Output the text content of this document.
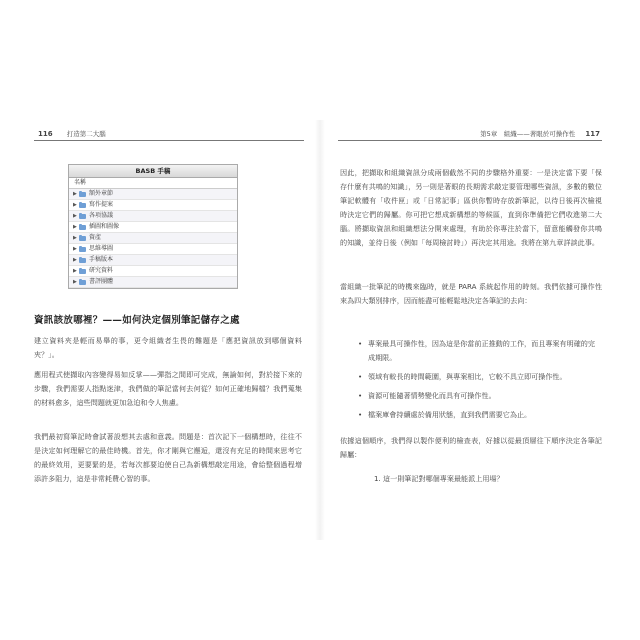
116 打造第二大腦
BASB 手稿
名稱
▶	額外章節
▶	寫作提案
▶	各項協議
▶	插圖和圖像
▶	資產
▶	思維導圖
▶	手稿版本
▶	研究資料
▶	書評團體
資訊該放哪裡？——如何決定個別筆記儲存之處

建立資料夾是輕而易舉的事，更令組織者生畏的難題是「應把資訊放到哪個資料夾？」。

應用程式使擷取內容變得易如反掌——彈指之間即可完成，無論如何，對於接下來的步驟，我們需要人指點迷津，我們做的筆記當何去何從？如何正確地歸檔？我們蒐集的材料愈多，這些問題就更加急迫和令人焦慮。

我們最初寫筆記時會試著設想其去處和意義。問題是：首次記下一個構想時，往往不是決定如何理解它的最佳時機。首先，你才剛與它邂逅，還沒有充足的時間來思考它的最終效用，更要緊的是，若每次都要迫使自己為新構想敲定用途，會給整個過程增添許多阻力，這是非常耗費心智的事。

第5章　組織——著眼於可操作性 117

因此，把擷取和組織資訊分成兩個截然不同的步驟格外重要：一是決定當下要「保存什麼有共鳴的知識」，另一則是著眼的長期需求敲定要管理哪些資訊，多數的數位筆記軟體有「收件匣」或「日常記事」區供你暫時存放新筆記，以待日後再次檢視時決定它們的歸屬。你可把它想成新構想的等候區，直到你準備把它們收進第二大腦。將擷取資訊和組織想法分開來處理，有助於你專注於當下，留意能觸發你共鳴的知識，並待日後（例如「每周檢討時」）再決定其用途。我將在第九章詳談此事。

當組織一批筆記的時機來臨時，就是 PARA 系統起作用的時刻。我們依據可操作性來為四大類別排序，因而能盡可能輕鬆地決定各筆記的去向：

• 專案最具可操作性，因為這是你當前正推動的工作，而且專案有明確的完成期限。
• 領域有較長的時間範圍，與專案相比，它較不具立即可操作性。
• 資源可能隨著情勢變化而具有可操作性。
• 檔案庫會持續處於備用狀態，直到我們需要它為止。

依據這個順序，我們得以製作便利的檢查表，好據以從最頂層往下順序決定各筆記歸屬：

1. 這一則筆記對哪個專案最能派上用場？
